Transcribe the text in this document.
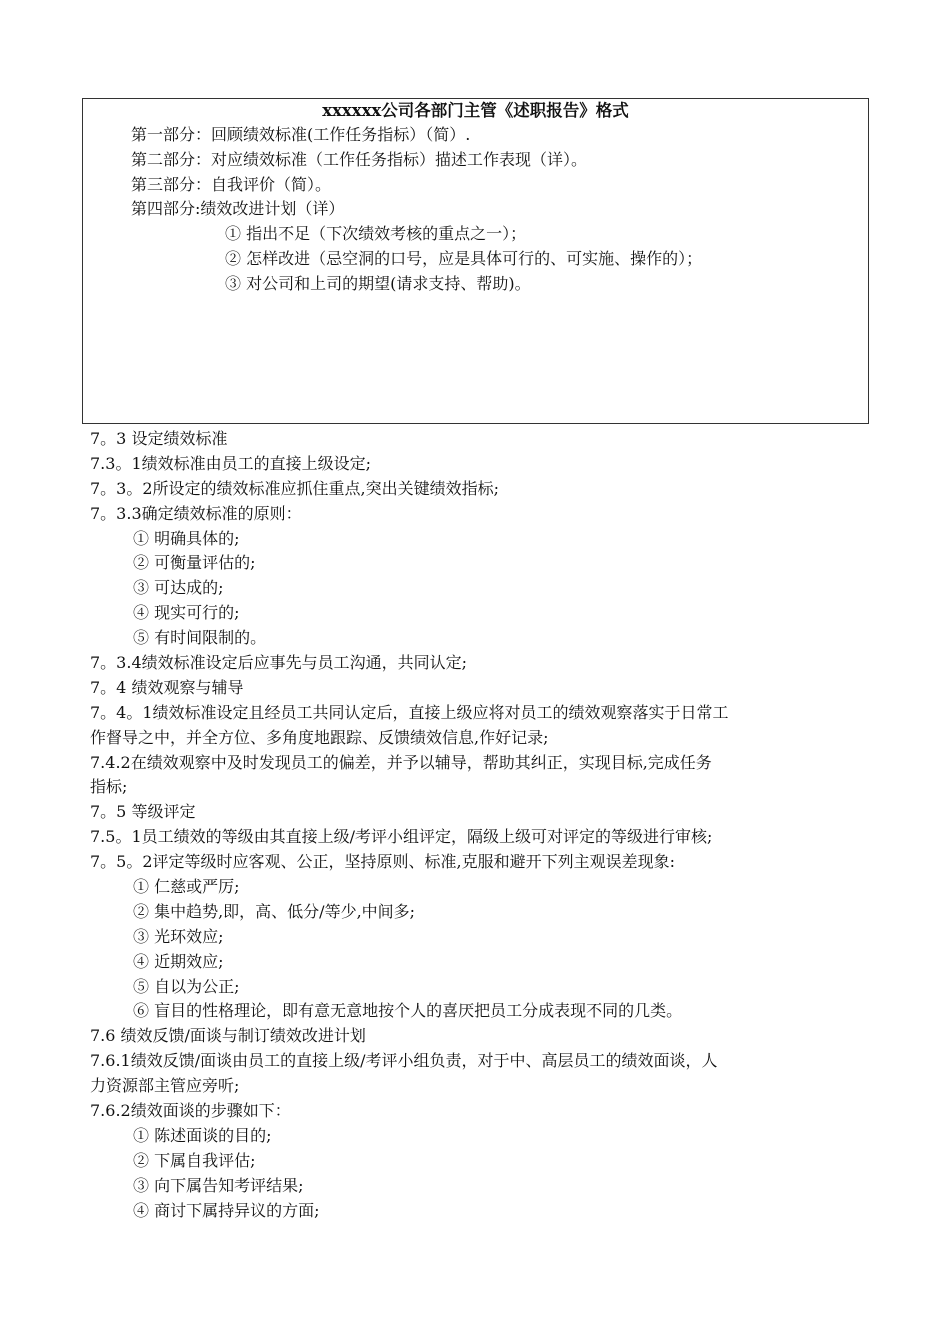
xxxxxx公司各部门主管《述职报告》格式
第一部分：回顾绩效标准(工作任务指标）（简）.
第二部分：对应绩效标准（工作任务指标）描述工作表现（详）。
第三部分：自我评价（简）。
第四部分:绩效改进计划（详）
① 指出不足（下次绩效考核的重点之一）；
② 怎样改进（忌空洞的口号，应是具体可行的、可实施、操作的）；
③ 对公司和上司的期望(请求支持、帮助)。
7。3 设定绩效标准
7.3。1绩效标准由员工的直接上级设定;
7。3。2所设定的绩效标准应抓住重点,突出关键绩效指标;
7。3.3确定绩效标准的原则：
① 明确具体的;
② 可衡量评估的;
③ 可达成的;
④ 现实可行的;
⑤ 有时间限制的。
7。3.4绩效标准设定后应事先与员工沟通，共同认定;
7。4 绩效观察与辅导
7。4。1绩效标准设定且经员工共同认定后，直接上级应将对员工的绩效观察落实于日常工
作督导之中，并全方位、多角度地跟踪、反馈绩效信息,作好记录;
7.4.2在绩效观察中及时发现员工的偏差，并予以辅导，帮助其纠正，实现目标,完成任务
指标;
7。5 等级评定
7.5。1员工绩效的等级由其直接上级/考评小组评定，隔级上级可对评定的等级进行审核;
7。5。2评定等级时应客观、公正，坚持原则、标准,克服和避开下列主观误差现象:
① 仁慈或严厉;
② 集中趋势,即，高、低分/等少,中间多;
③ 光环效应;
④ 近期效应;
⑤ 自以为公正;
⑥ 盲目的性格理论，即有意无意地按个人的喜厌把员工分成表现不同的几类。
7.6 绩效反馈/面谈与制订绩效改进计划
7.6.1绩效反馈/面谈由员工的直接上级/考评小组负责，对于中、高层员工的绩效面谈，人
力资源部主管应旁听;
7.6.2绩效面谈的步骤如下：
① 陈述面谈的目的;
② 下属自我评估;
③ 向下属告知考评结果;
④ 商讨下属持异议的方面;
